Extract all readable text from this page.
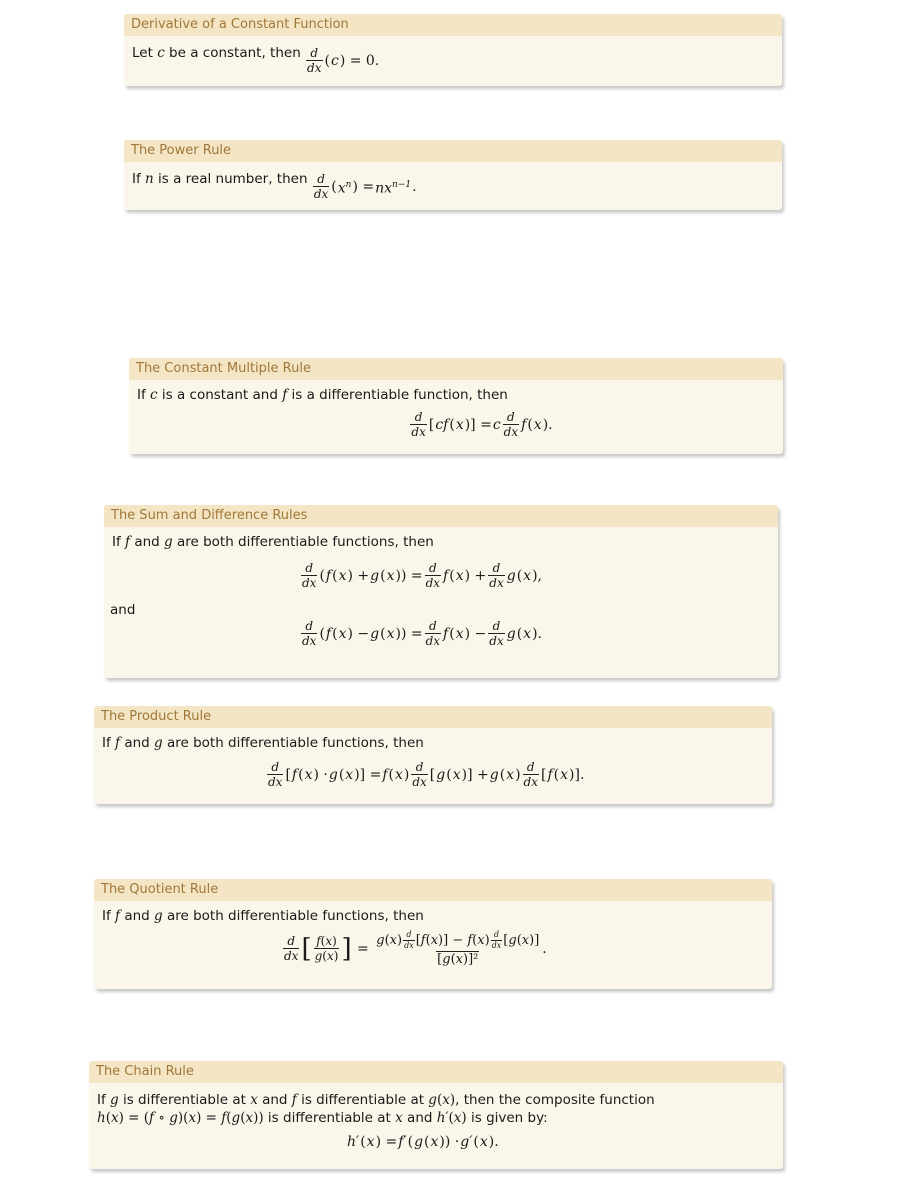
Derivative of a Constant Function
Let c be a constant, then $\frac{d}{dx}$ ( c ) = 0.
The Power Rule
If n is a real number, then $\frac{d}{dx}$ ( $x^n$ ) = $nx^{n-1}$ .
The Constant Multiple Rule
If c is a constant and f is a differentiable function, then
$\frac{d}{dx}$ [ cf ( x )] = c $\frac{d}{dx}$ f ( x ).
The Sum and Difference Rules
If f and g are both differentiable functions, then
$\frac{d}{dx}$ ( f ( x ) + g ( x )) = $\frac{d}{dx}$ f ( x ) + $\frac{d}{dx}$ g ( x ),
and
$\frac{d}{dx}$ ( f ( x ) − g ( x )) = $\frac{d}{dx}$ f ( x ) − $\frac{d}{dx}$ g ( x ).
The Product Rule
If f and g are both differentiable functions, then
$\frac{d}{dx}$ [ f ( x ) · g ( x )] = f ( x ) $\frac{d}{dx}$ [ g ( x )] + g ( x ) $\frac{d}{dx}$ [ f ( x )].
The Quotient Rule
If f and g are both differentiable functions, then
$\frac{d}{dx}$ [ $\frac{f(x)}{g(x)}$ ] = $\frac{g(x) \frac{d}{dx} [f(x)] - f(x) \frac{d}{dx} [g(x)]}{\text{[g(x)]²}}$ .
The Chain Rule
If g is differentiable at x and f is differentiable at g(x), then the composite function
h(x) = (f ∘ g)(x) = f(g(x)) is differentiable at x and h′(x) is given by:
h′ ( x ) = f′ ( g ( x )) · g′ ( x ).
